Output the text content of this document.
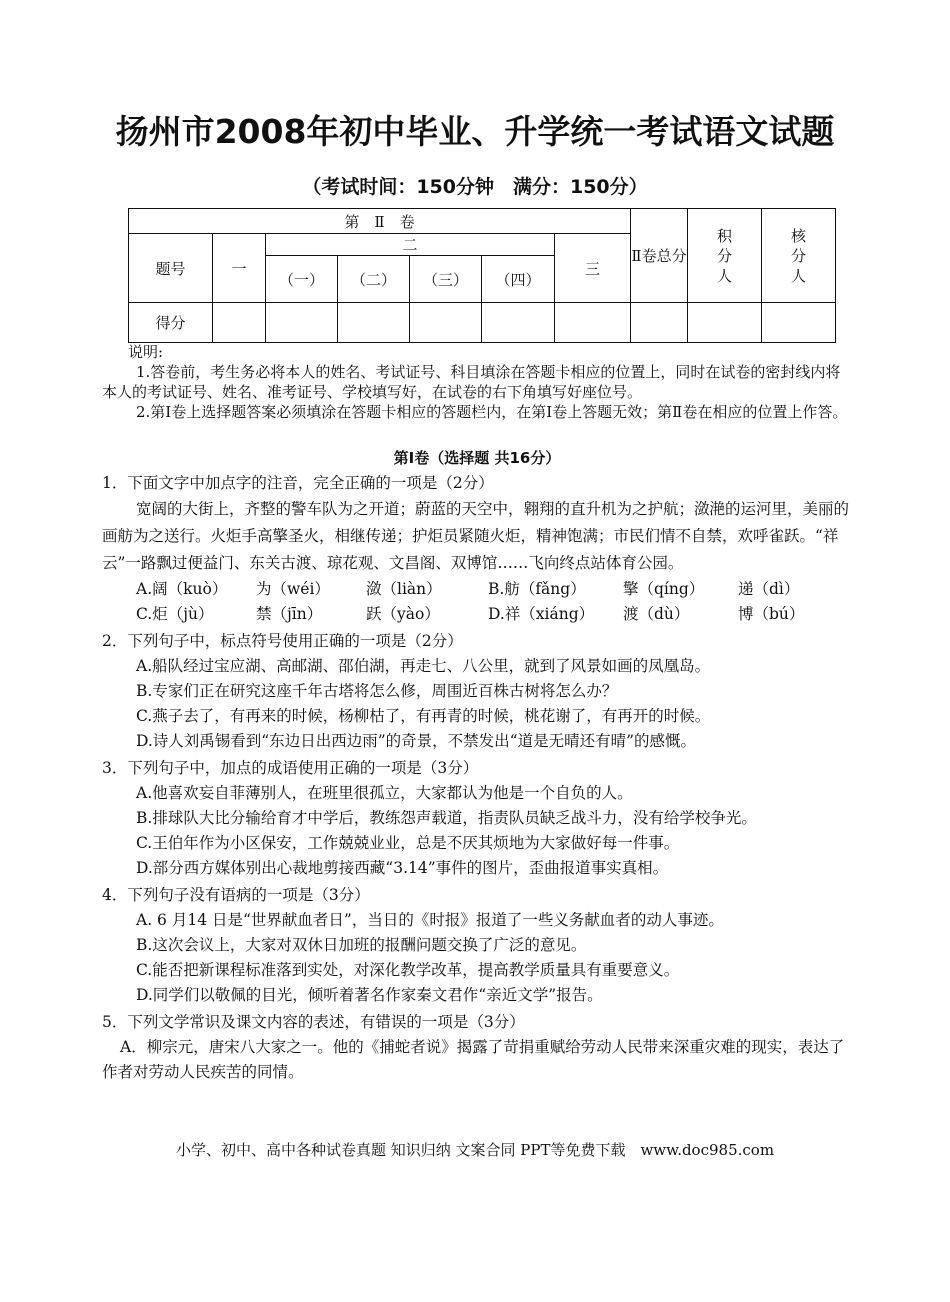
扬州市2008年初中毕业、升学统一考试语文试题
（考试时间：150分钟　满分：150分）
第　Ⅱ　卷							Ⅱ卷总分	积分人	核分人
题号	一	二				三			
		（一）	（二）	（三）	（四）				
得分									

说明:

1.答卷前，考生务必将本人的姓名、考试证号、科目填涂在答题卡相应的位置上，同时在试卷的密封线内将本人的考试证号、姓名、准考证号、学校填写好，在试卷的右下角填写好座位号。

2.第Ⅰ卷上选择题答案必须填涂在答题卡相应的答题栏内，在第Ⅰ卷上答题无效；第Ⅱ卷在相应的位置上作答。

第Ⅰ卷（选择题 共16分）

1．下面文字中加点字的注音，完全正确的一项是（2分）

宽阔的大街上，齐整的警车队为之开道；蔚蓝的天空中，翱翔的直升机为之护航；潋滟的运河里，美丽的画舫为之送行。火炬手高擎圣火，相继传递；护炬员紧随火炬，精神饱满；市民们情不自禁，欢呼雀跃。“祥云”一路飘过便益门、东关古渡、琼花观、文昌阁、双博馆……飞向终点站体育公园。

A.阔（kuò）	为（wéi）	潋（liàn）	B.舫（fǎng）	擎（qíng）	递（dì）
C.炬（jù）	禁（jīn）	跃（yào）	D.祥（xiáng）	渡（dù）	博（bú）

2．下列句子中，标点符号使用正确的一项是（2分）

A.船队经过宝应湖、高邮湖、邵伯湖，再走七、八公里，就到了风景如画的凤凰岛。

B.专家们正在研究这座千年古塔将怎么修，周围近百株古树将怎么办？

C.燕子去了，有再来的时候，杨柳枯了，有再青的时候，桃花谢了，有再开的时候。

D.诗人刘禹锡看到“东边日出西边雨”的奇景，不禁发出“道是无晴还有晴”的感慨。

3．下列句子中，加点的成语使用正确的一项是（3分）

A.他喜欢妄自菲薄别人，在班里很孤立，大家都认为他是一个自负的人。

B.排球队大比分输给育才中学后，教练怨声载道，指责队员缺乏战斗力，没有给学校争光。

C.王伯年作为小区保安，工作兢兢业业，总是不厌其烦地为大家做好每一件事。

D.部分西方媒体别出心裁地剪接西藏“3.14”事件的图片，歪曲报道事实真相。

4．下列句子没有语病的一项是（3分）

A. 6 月14 日是“世界献血者日”，当日的《时报》报道了一些义务献血者的动人事迹。

B.这次会议上，大家对双休日加班的报酬问题交换了广泛的意见。

C.能否把新课程标准落到实处，对深化教学改革，提高教学质量具有重要意义。

D.同学们以敬佩的目光，倾听着著名作家秦文君作“亲近文学”报告。

5．下列文学常识及课文内容的表述，有错误的一项是（3分）

A．柳宗元，唐宋八大家之一。他的《捕蛇者说》揭露了苛捐重赋给劳动人民带来深重灾难的现实，表达了作者对劳动人民疾苦的同情。

小学、初中、高中各种试卷真题 知识归纳 文案合同 PPT等免费下载　www.doc985.com
